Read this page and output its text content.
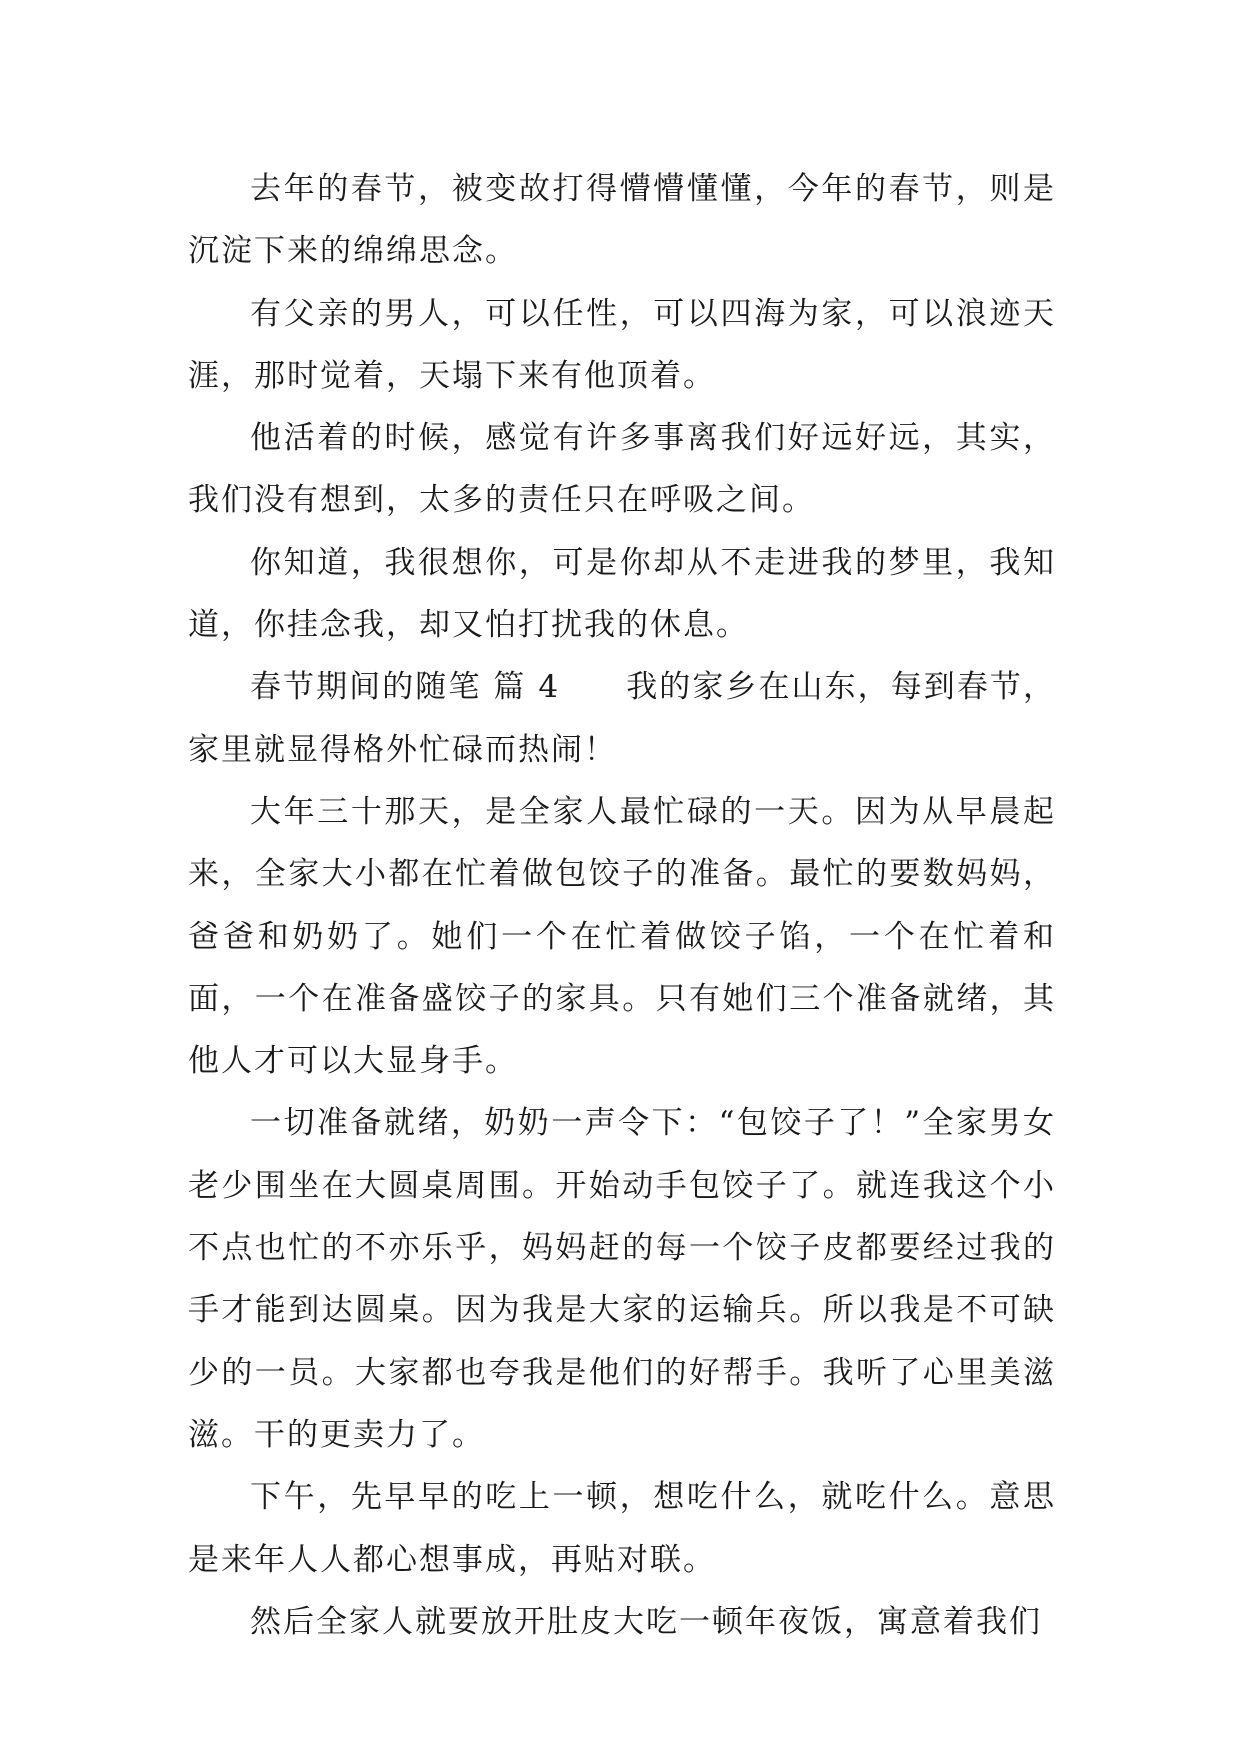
去年的春节，被变故打得懵懵懂懂，今年的春节，则是沉淀下来的绵绵思念。

有父亲的男人，可以任性，可以四海为家，可以浪迹天涯，那时觉着，天塌下来有他顶着。

他活着的时候，感觉有许多事离我们好远好远，其实，我们没有想到，太多的责任只在呼吸之间。

你知道，我很想你，可是你却从不走进我的梦里，我知道，你挂念我，却又怕打扰我的休息。

春节期间的随笔 篇 4　　我的家乡在山东，每到春节，家里就显得格外忙碌而热闹！

大年三十那天，是全家人最忙碌的一天。因为从早晨起来，全家大小都在忙着做包饺子的准备。最忙的要数妈妈，爸爸和奶奶了。她们一个在忙着做饺子馅，一个在忙着和面，一个在准备盛饺子的家具。只有她们三个准备就绪，其他人才可以大显身手。

一切准备就绪，奶奶一声令下：“包饺子了！”全家男女老少围坐在大圆桌周围。开始动手包饺子了。就连我这个小不点也忙的不亦乐乎，妈妈赶的每一个饺子皮都要经过我的手才能到达圆桌。因为我是大家的运输兵。所以我是不可缺少的一员。大家都也夸我是他们的好帮手。我听了心里美滋滋。干的更卖力了。

下午，先早早的吃上一顿，想吃什么，就吃什么。意思是来年人人都心想事成，再贴对联。

然后全家人就要放开肚皮大吃一顿年夜饭，寓意着我们
